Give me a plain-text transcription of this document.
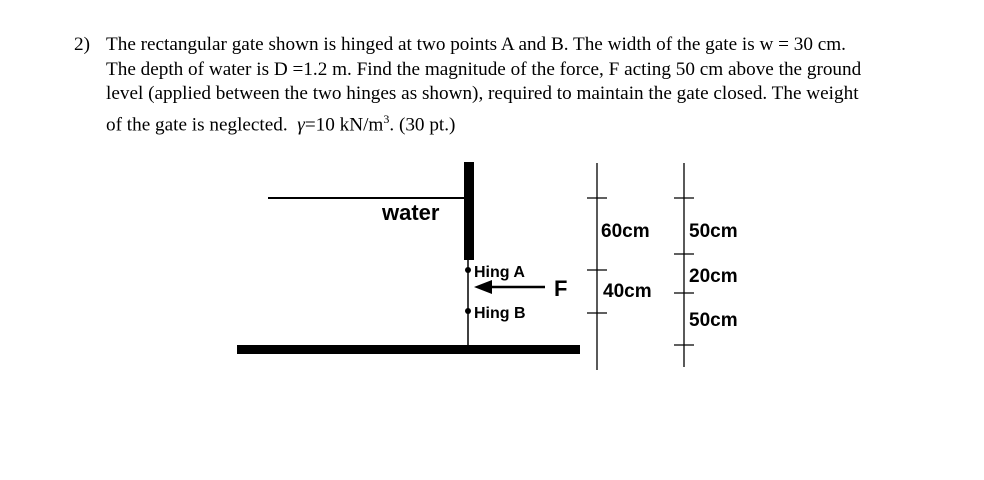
2) The rectangular gate shown is hinged at two points A and B. The width of the gate is w = 30 cm.
The depth of water is D =1.2 m. Find the magnitude of the force, F acting 50 cm above the ground
level (applied between the two hinges as shown), required to maintain the gate closed. The weight
of the gate is neglected. γ=10 $kN/m^3$. (30 pt.)
water
Hing A
Hing B
F
60cm
40cm
50cm
20cm
50cm
